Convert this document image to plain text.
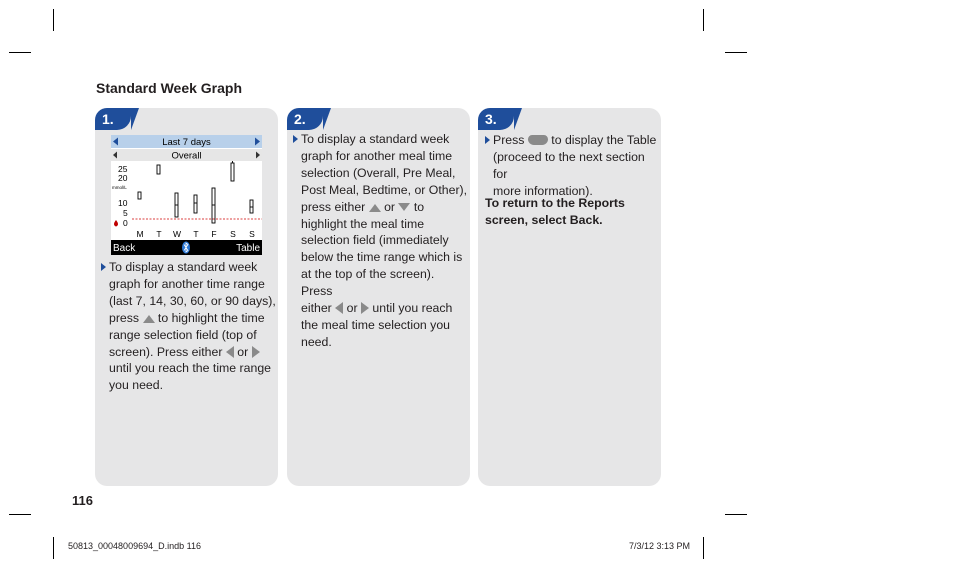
Standard Week Graph
1.
Last 7 days
Overall
25
20
mmol/L
10
5
0
M T W T F S S
Back	Table
To display a standard week
graph for another time range
(last 7, 14, 30, 60, or 90 days),
press to highlight the time
range selection field (top of
screen). Press either or
until you reach the time range
you need.
2.
To display a standard week
graph for another meal time
selection (Overall, Pre Meal,
Post Meal, Bedtime, or Other),
press either or to
highlight the meal time
selection field (immediately
below the time range which is
at the top of the screen). Press
either or until you reach
the meal time selection you
need.
3.
Press to display the Table
(proceed to the next section for
more information).
To return to the Reports
screen, select Back.
116
50813_00048009694_D.indb 116	7/3/12 3:13 PM
